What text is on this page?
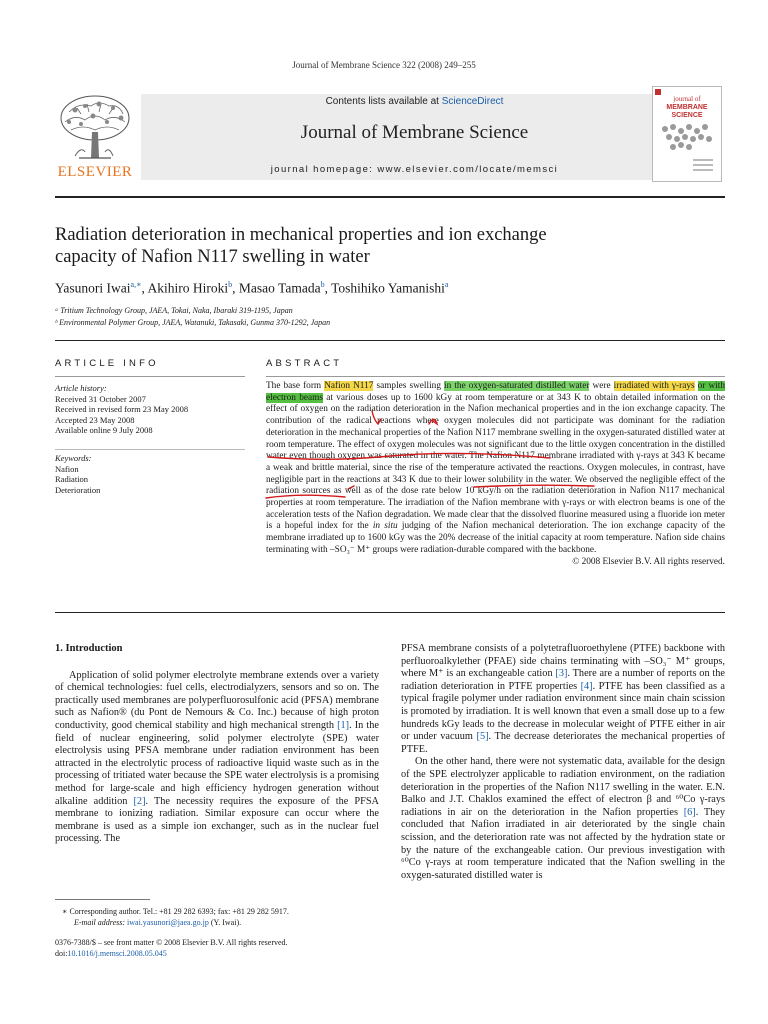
Journal of Membrane Science 322 (2008) 249–255
ELSEVIER
Contents lists available at ScienceDirect
Journal of Membrane Science
journal homepage: www.elsevier.com/locate/memsci
journal of
MEMBRANE
SCIENCE
Radiation deterioration in mechanical properties and ion exchange
capacity of Nafion N117 swelling in water
Yasunori Iwai$^{a,∗}$, Akihiro Hiroki$^b$, Masao Tamada$^b$, Toshihiko Yamanishi$^a$
ᵃ Tritium Technology Group, JAEA, Tokai, Naka, Ibaraki 319-1195, Japan
ᵇ Environmental Polymer Group, JAEA, Watanuki, Takasaki, Gunma 370-1292, Japan
ARTICLE INFO
Article history:
Received 31 October 2007
Received in revised form 23 May 2008
Accepted 23 May 2008
Available online 9 July 2008
Keywords:
Nafion
Radiation
Deterioration
ABSTRACT
The base form Nafion N117 samples swelling in the oxygen-saturated distilled water were irradiated with γ-rays or with electron beams at various doses up to 1600 kGy at room temperature or at 343 K to obtain detailed information on the effect of oxygen on the radiation deterioration in the Nafion mechanical properties and in the ion exchange capacity. The contribution of the radical reactions where oxygen molecules did not participate was dominant for the radiation deterioration in the mechanical properties of the Nafion N117 membrane swelling in the oxygen-saturated distilled water at room temperature. The effect of oxygen molecules was not significant due to the little oxygen concentration in the distilled water even though oxygen was saturated in the water. The Nafion N117 membrane irradiated with γ-rays at 343 K became a weak and brittle material, since the rise of the temperature activated the reactions. Oxygen molecules, in contrast, have negligible part in the reactions at 343 K due to their lower solubility in the water. We observed the negligible effect of the radiation sources as well as of the dose rate below 10 kGy/h on the radiation deterioration in Nafion N117 mechanical properties at room temperature. The irradiation of the Nafion membrane with γ-rays or with electron beams is one of the acceleration tests of the Nafion degradation. We made clear that the dissolved fluorine measured using a fluoride ion meter is a hopeful index for the in situ judging of the Nafion mechanical deterioration. The ion exchange capacity of the membrane irradiated up to 1600 kGy was the 20% decrease of the initial capacity at room temperature. Nafion side chains terminating with –SO₃⁻ M⁺ groups were radiation-durable compared with the backbone.
© 2008 Elsevier B.V. All rights reserved.
1. Introduction

Application of solid polymer electrolyte membrane extends over a variety of chemical technologies: fuel cells, electrodialyzers, sensors and so on. The practically used membranes are polyperfluorosulfonic acid (PFSA) membrane such as Nafion® (du Pont de Nemours & Co. Inc.) because of high proton conductivity, good chemical stability and high mechanical strength [1]. In the field of nuclear engineering, solid polymer electrolyte (SPE) water electrolysis using PFSA membrane under radiation environment has been attracted in the electrolytic process of radioactive liquid waste such as in the processing of tritiated water because the SPE water electrolysis is a promising method for large-scale and high efficiency hydrogen generation without alkaline addition [2]. The necessity requires the exposure of the PFSA membrane to ionizing radiation. Similar exposure can occur where the membrane is used as a simple ion exchanger, such as in the nuclear fuel processing. The

PFSA membrane consists of a polytetrafluoroethylene (PTFE) backbone with perfluoroalkylether (PFAE) side chains terminating with –SO₃⁻ M⁺ groups, where M⁺ is an exchangeable cation [3]. There are a number of reports on the radiation deterioration in PTFE properties [4]. PTFE has been classified as a typical fragile polymer under radiation environment since main chain scission is promoted by irradiation. It is well known that even a small dose up to a few hundreds kGy leads to the decrease in molecular weight of PTFE either in air or under vacuum [5]. The decrease deteriorates the mechanical properties of PTFE.

On the other hand, there were not systematic data, available for the design of the SPE electrolyzer applicable to radiation environment, on the radiation deterioration in the properties of the Nafion N117 swelling in the water. E.N. Balko and J.T. Chaklos examined the effect of electron β and ⁶⁰Co γ-rays radiations in air on the deterioration in the Nafion properties [6]. They concluded that Nafion irradiated in air deteriorated by the single chain scission, and the deterioration rate was not affected by the hydration state or by the nature of the exchangeable cation. Our previous investigation with ⁶⁰Co γ-rays at room temperature indicated that the Nafion swelling in the oxygen-saturated distilled water is

∗ Corresponding author. Tel.: +81 29 282 6393; fax: +81 29 282 5917.
E-mail address: iwai.yasunori@jaea.go.jp (Y. Iwai).
0376-7388/$ – see front matter © 2008 Elsevier B.V. All rights reserved.
doi:10.1016/j.memsci.2008.05.045
